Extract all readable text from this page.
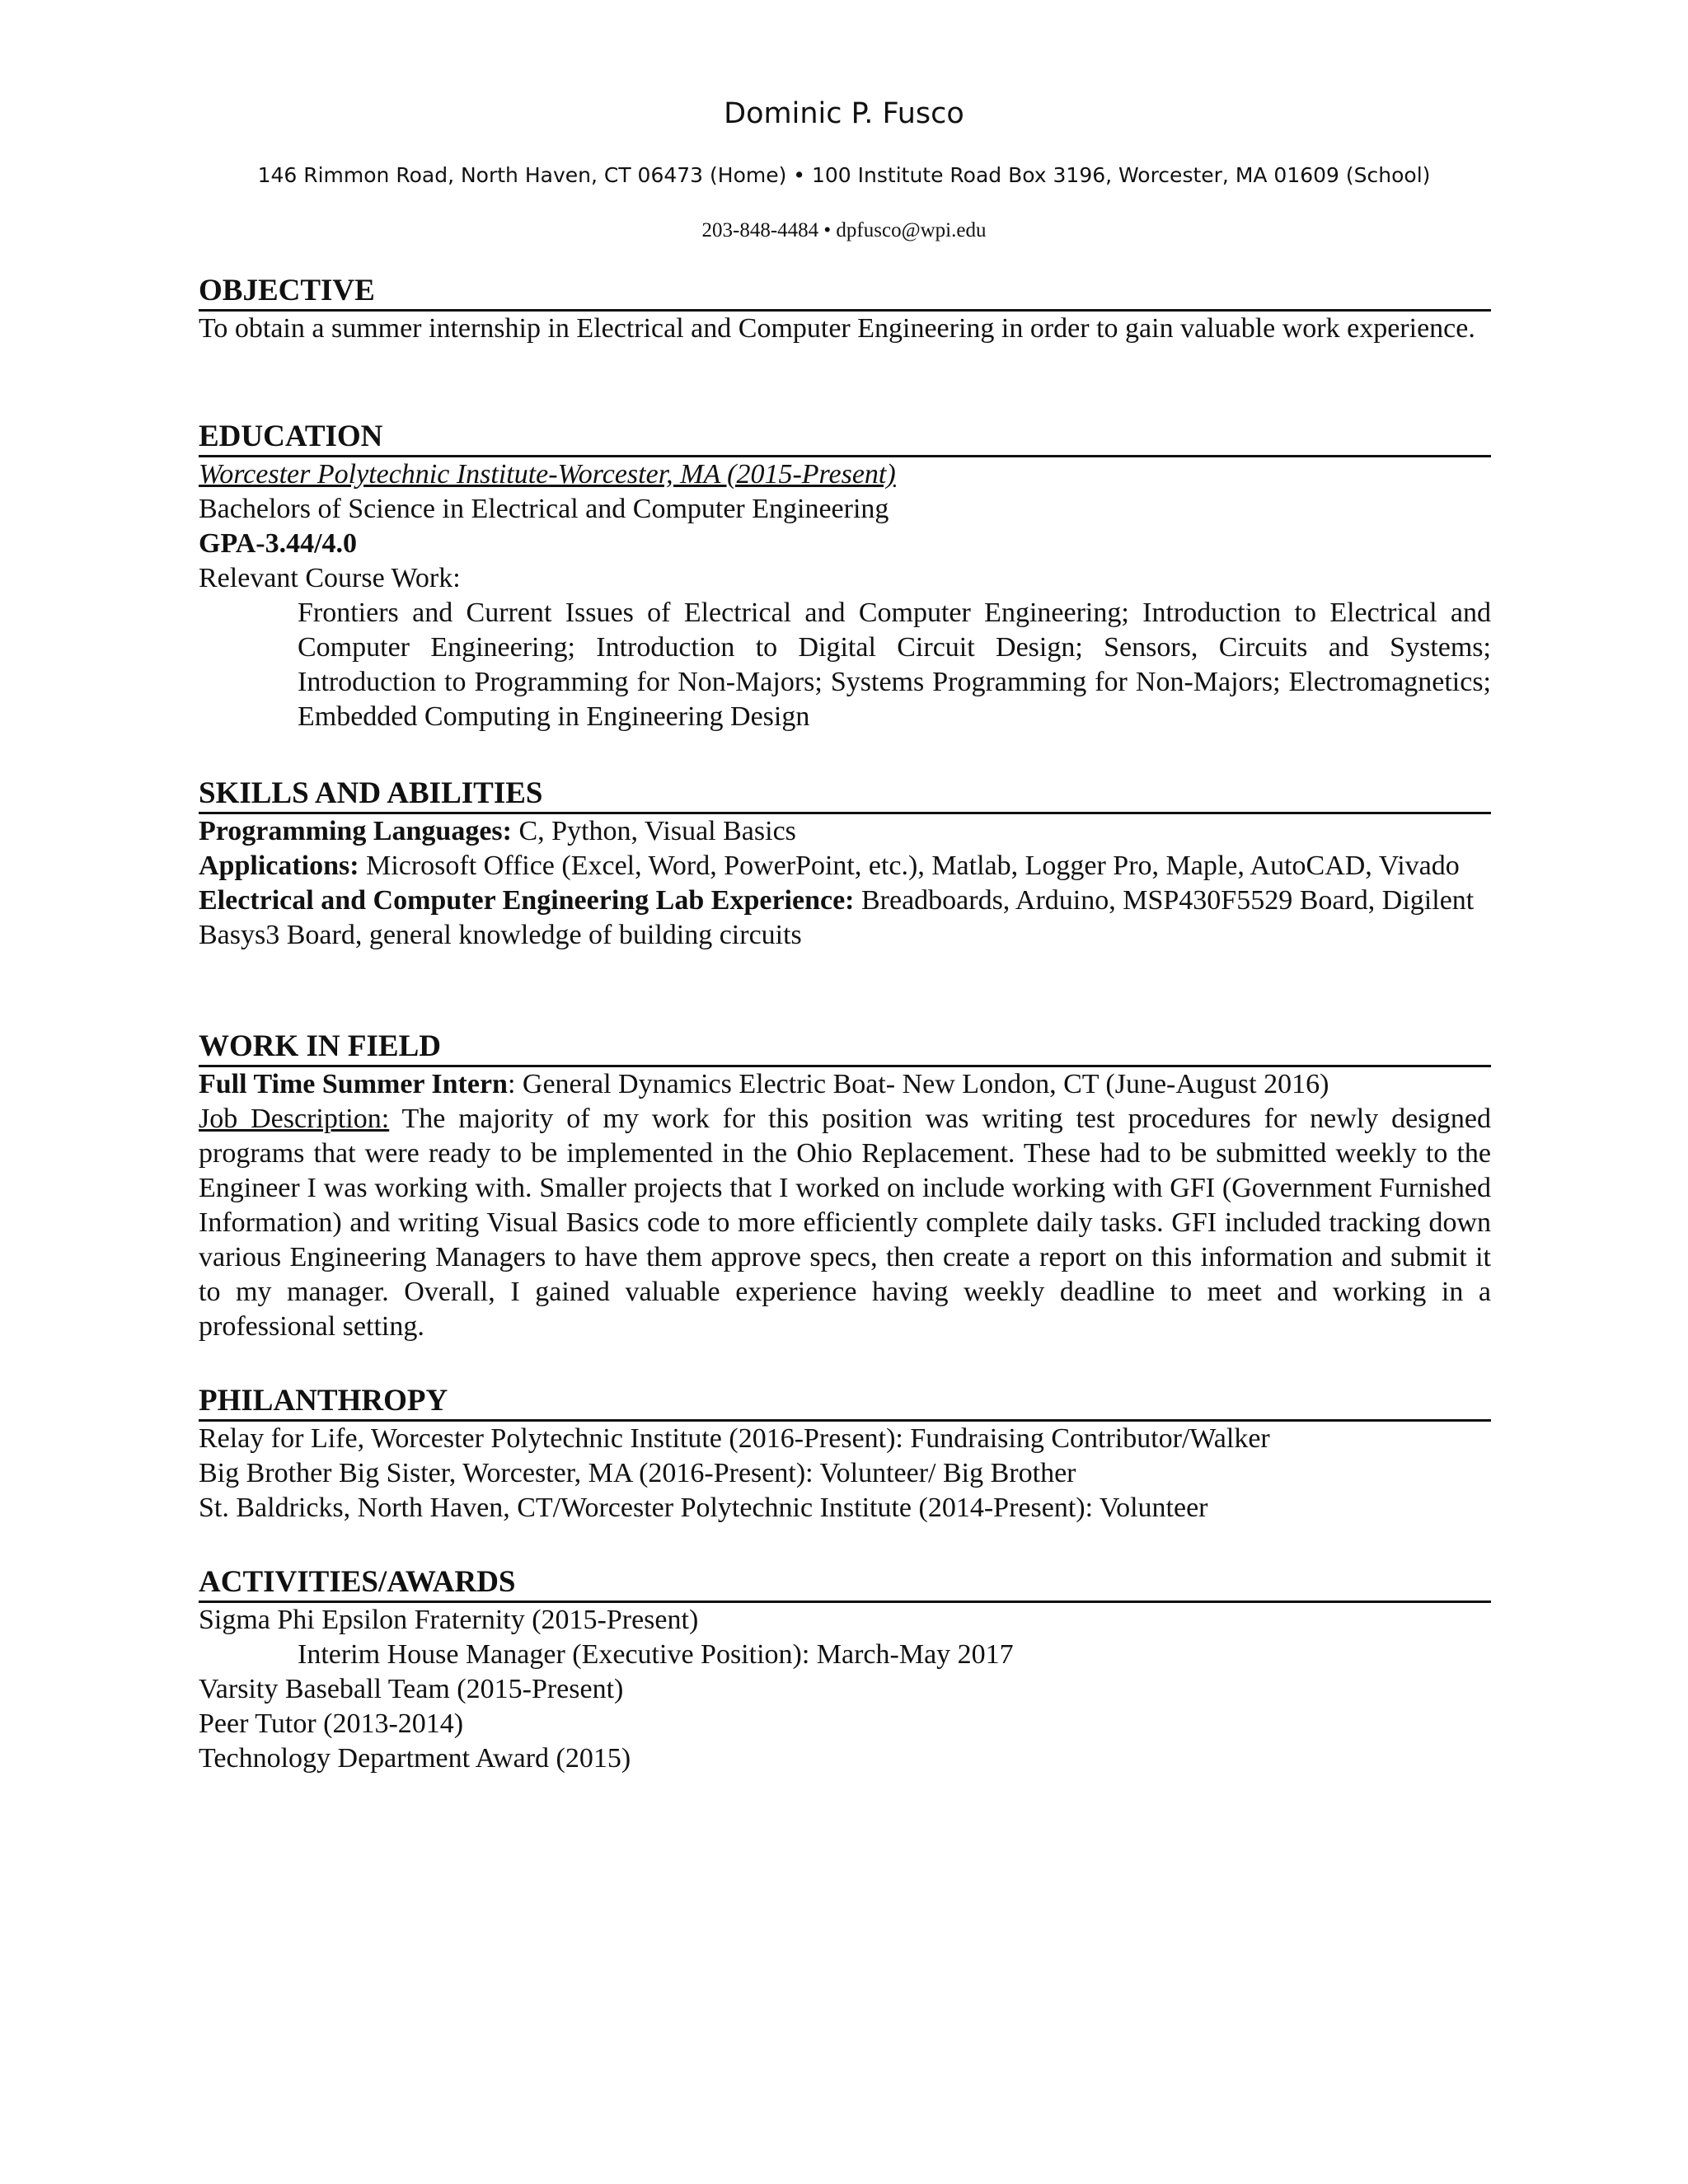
Dominic P. Fusco
146 Rimmon Road, North Haven, CT 06473 (Home) • 100 Institute Road Box 3196, Worcester, MA 01609 (School)
203-848-4484 • dpfusco@wpi.edu
OBJECTIVE
To obtain a summer internship in Electrical and Computer Engineering in order to gain valuable work experience.
EDUCATION
Worcester Polytechnic Institute-Worcester, MA (2015-Present)
Bachelors of Science in Electrical and Computer Engineering
GPA-3.44/4.0
Relevant Course Work:
Frontiers and Current Issues of Electrical and Computer Engineering; Introduction to Electrical and Computer Engineering; Introduction to Digital Circuit Design; Sensors, Circuits and Systems; Introduction to Programming for Non-Majors; Systems Programming for Non-Majors; Electromagnetics; Embedded Computing in Engineering Design
SKILLS AND ABILITIES
Programming Languages: C, Python, Visual Basics
Applications: Microsoft Office (Excel, Word, PowerPoint, etc.), Matlab, Logger Pro, Maple, AutoCAD, Vivado
Electrical and Computer Engineering Lab Experience: Breadboards, Arduino, MSP430F5529 Board, Digilent Basys3 Board, general knowledge of building circuits
WORK IN FIELD
Full Time Summer Intern: General Dynamics Electric Boat- New London, CT (June-August 2016)
Job Description: The majority of my work for this position was writing test procedures for newly designed programs that were ready to be implemented in the Ohio Replacement. These had to be submitted weekly to the Engineer I was working with. Smaller projects that I worked on include working with GFI (Government Furnished Information) and writing Visual Basics code to more efficiently complete daily tasks. GFI included tracking down various Engineering Managers to have them approve specs, then create a report on this information and submit it to my manager. Overall, I gained valuable experience having weekly deadline to meet and working in a professional setting.
PHILANTHROPY
Relay for Life, Worcester Polytechnic Institute (2016-Present): Fundraising Contributor/Walker
Big Brother Big Sister, Worcester, MA (2016-Present): Volunteer/ Big Brother
St. Baldricks, North Haven, CT/Worcester Polytechnic Institute (2014-Present): Volunteer
ACTIVITIES/AWARDS
Sigma Phi Epsilon Fraternity (2015-Present)
Interim House Manager (Executive Position): March-May 2017
Varsity Baseball Team (2015-Present)
Peer Tutor (2013-2014)
Technology Department Award (2015)
